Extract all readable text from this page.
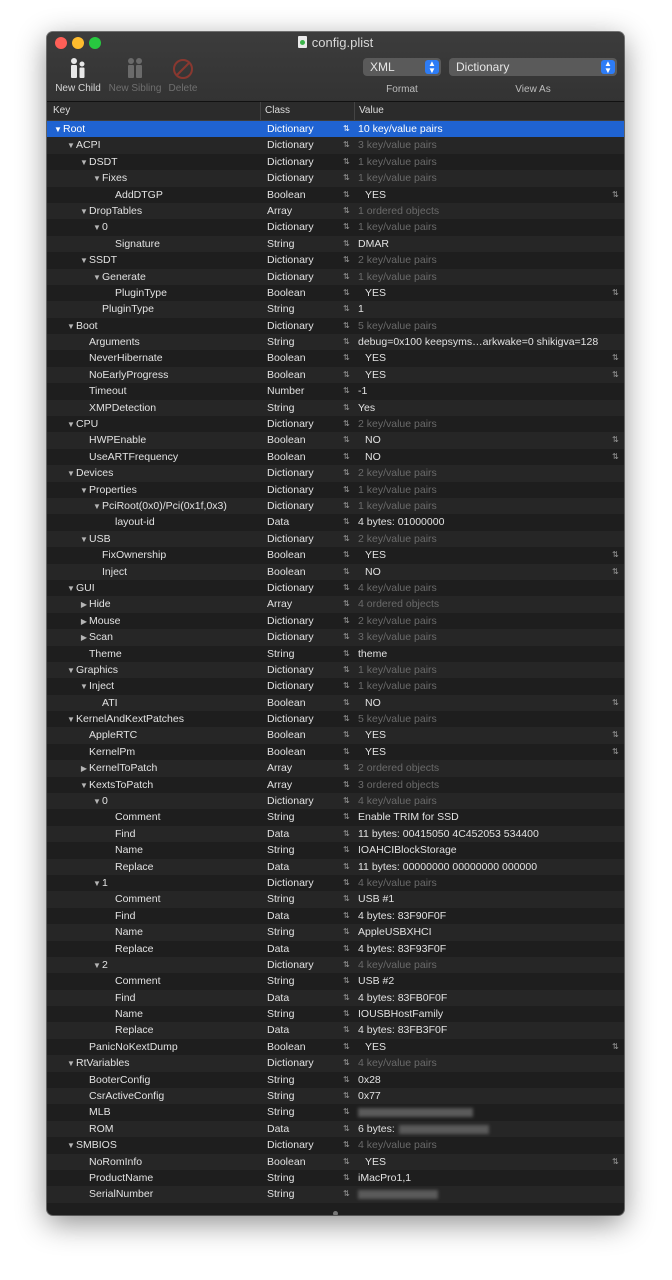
config.plist
New Child New Sibling Delete
XML	▲
▼
Format
Dictionary	▲
▼
View As
Key	Class	Value
▼Root	Dictionary	⇅ 10 key/value pairs
▼ACPI	Dictionary	⇅ 3 key/value pairs
▼DSDT	Dictionary	⇅ 1 key/value pairs
▼Fixes	Dictionary	⇅ 1 key/value pairs
AddDTGP	Boolean	⇅ YES	⇅
▼DropTables	Array	⇅ 1 ordered objects
▼0	Dictionary	⇅ 1 key/value pairs
Signature	String	⇅ DMAR
▼SSDT	Dictionary	⇅ 2 key/value pairs
▼Generate	Dictionary	⇅ 1 key/value pairs
PluginType	Boolean	⇅ YES	⇅
PluginType	String	⇅ 1
▼Boot	Dictionary	⇅ 5 key/value pairs
Arguments	String	⇅ debug=0x100 keepsyms…arkwake=0 shikigva=128
NeverHibernate	Boolean	⇅ YES	⇅
NoEarlyProgress	Boolean	⇅ YES	⇅
Timeout	Number	⇅ -1
XMPDetection	String	⇅ Yes
▼CPU	Dictionary	⇅ 2 key/value pairs
HWPEnable	Boolean	⇅ NO	⇅
UseARTFrequency	Boolean	⇅ NO	⇅
▼Devices	Dictionary	⇅ 2 key/value pairs
▼Properties	Dictionary	⇅ 1 key/value pairs
▼PciRoot(0x0)/Pci(0x1f,0x3)	Dictionary	⇅ 1 key/value pairs
layout-id	Data	⇅ 4 bytes: 01000000
▼USB	Dictionary	⇅ 2 key/value pairs
FixOwnership	Boolean	⇅ YES	⇅
Inject	Boolean	⇅ NO	⇅
▼GUI	Dictionary	⇅ 4 key/value pairs
▶ Hide	Array	⇅ 4 ordered objects
▶ Mouse	Dictionary	⇅ 2 key/value pairs
▶ Scan	Dictionary	⇅ 3 key/value pairs
Theme	String	⇅ theme
▼Graphics	Dictionary	⇅ 1 key/value pairs
▼Inject	Dictionary	⇅ 1 key/value pairs
ATI	Boolean	⇅ NO	⇅
▼KernelAndKextPatches	Dictionary	⇅ 5 key/value pairs
AppleRTC	Boolean	⇅ YES	⇅
KernelPm	Boolean	⇅ YES	⇅
▶ KernelToPatch	Array	⇅ 2 ordered objects
▼KextsToPatch	Array	⇅ 3 ordered objects
▼0	Dictionary	⇅ 4 key/value pairs
Comment	String	⇅ Enable TRIM for SSD
Find	Data	⇅ 11 bytes: 00415050 4C452053 534400
Name	String	⇅ IOAHCIBlockStorage
Replace	Data	⇅ 11 bytes: 00000000 00000000 000000
▼1	Dictionary	⇅ 4 key/value pairs
Comment	String	⇅ USB #1
Find	Data	⇅ 4 bytes: 83F90F0F
Name	String	⇅ AppleUSBXHCI
Replace	Data	⇅ 4 bytes: 83F93F0F
▼2	Dictionary	⇅ 4 key/value pairs
Comment	String	⇅ USB #2
Find	Data	⇅ 4 bytes: 83FB0F0F
Name	String	⇅ IOUSBHostFamily
Replace	Data	⇅ 4 bytes: 83FB3F0F
PanicNoKextDump	Boolean	⇅ YES	⇅
▼RtVariables	Dictionary	⇅ 4 key/value pairs
BooterConfig	String	⇅ 0x28
CsrActiveConfig	String	⇅ 0x77
MLB	String	⇅
ROM	Data	⇅ 6 bytes:
▼SMBIOS	Dictionary	⇅ 4 key/value pairs
NoRomInfo	Boolean	⇅ YES	⇅
ProductName	String	⇅ iMacPro1,1
SerialNumber	String	⇅
